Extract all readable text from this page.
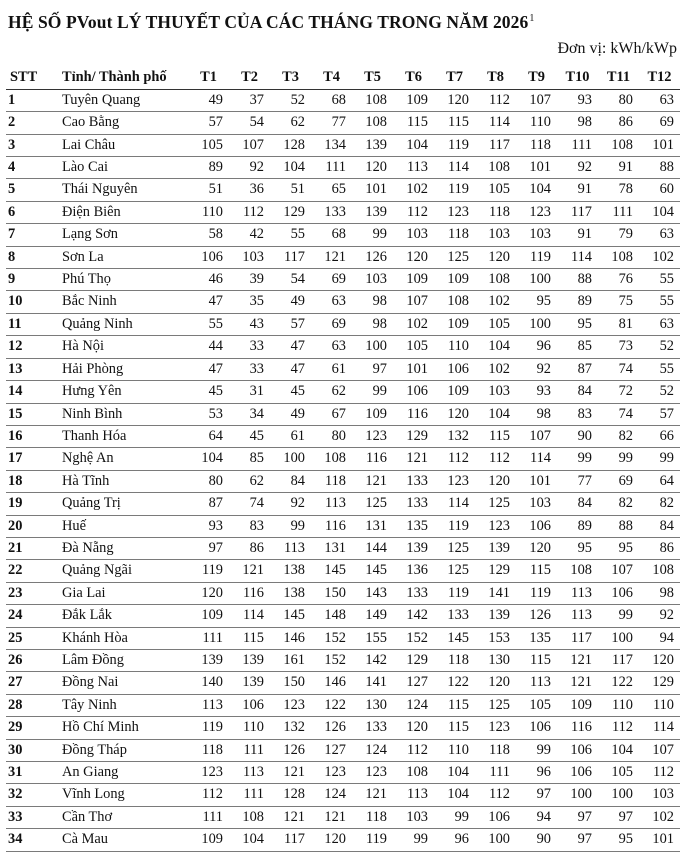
HỆ SỐ PVout LÝ THUYẾT CỦA CÁC THÁNG TRONG NĂM 2026$^1$
Đơn vị: kWh/kWp
STT	Tỉnh/ Thành phố	T1	T2	T3	T4	T5	T6	T7	T8	T9	T10	T11	T12
1	Tuyên Quang	49	37	52	68	108	109	120	112	107	93	80	63
2	Cao Bằng	57	54	62	77	108	115	115	114	110	98	86	69
3	Lai Châu	105	107	128	134	139	104	119	117	118	111	108	101
4	Lào Cai	89	92	104	111	120	113	114	108	101	92	91	88
5	Thái Nguyên	51	36	51	65	101	102	119	105	104	91	78	60
6	Điện Biên	110	112	129	133	139	112	123	118	123	117	111	104
7	Lạng Sơn	58	42	55	68	99	103	118	103	103	91	79	63
8	Sơn La	106	103	117	121	126	120	125	120	119	114	108	102
9	Phú Thọ	46	39	54	69	103	109	109	108	100	88	76	55
10	Bắc Ninh	47	35	49	63	98	107	108	102	95	89	75	55
11	Quảng Ninh	55	43	57	69	98	102	109	105	100	95	81	63
12	Hà Nội	44	33	47	63	100	105	110	104	96	85	73	52
13	Hải Phòng	47	33	47	61	97	101	106	102	92	87	74	55
14	Hưng Yên	45	31	45	62	99	106	109	103	93	84	72	52
15	Ninh Bình	53	34	49	67	109	116	120	104	98	83	74	57
16	Thanh Hóa	64	45	61	80	123	129	132	115	107	90	82	66
17	Nghệ An	104	85	100	108	116	121	112	112	114	99	99	99
18	Hà Tĩnh	80	62	84	118	121	133	123	120	101	77	69	64
19	Quảng Trị	87	74	92	113	125	133	114	125	103	84	82	82
20	Huế	93	83	99	116	131	135	119	123	106	89	88	84
21	Đà Nẵng	97	86	113	131	144	139	125	139	120	95	95	86
22	Quảng Ngãi	119	121	138	145	145	136	125	129	115	108	107	108
23	Gia Lai	120	116	138	150	143	133	119	141	119	113	106	98
24	Đắk Lắk	109	114	145	148	149	142	133	139	126	113	99	92
25	Khánh Hòa	111	115	146	152	155	152	145	153	135	117	100	94
26	Lâm Đồng	139	139	161	152	142	129	118	130	115	121	117	120
27	Đồng Nai	140	139	150	146	141	127	122	120	113	121	122	129
28	Tây Ninh	113	106	123	122	130	124	115	125	105	109	110	110
29	Hồ Chí Minh	119	110	132	126	133	120	115	123	106	116	112	114
30	Đồng Tháp	118	111	126	127	124	112	110	118	99	106	104	107
31	An Giang	123	113	121	123	123	108	104	111	96	106	105	112
32	Vĩnh Long	112	111	128	124	121	113	104	112	97	100	100	103
33	Cần Thơ	111	108	121	121	118	103	99	106	94	97	97	102
34	Cà Mau	109	104	117	120	119	99	96	100	90	97	95	101
